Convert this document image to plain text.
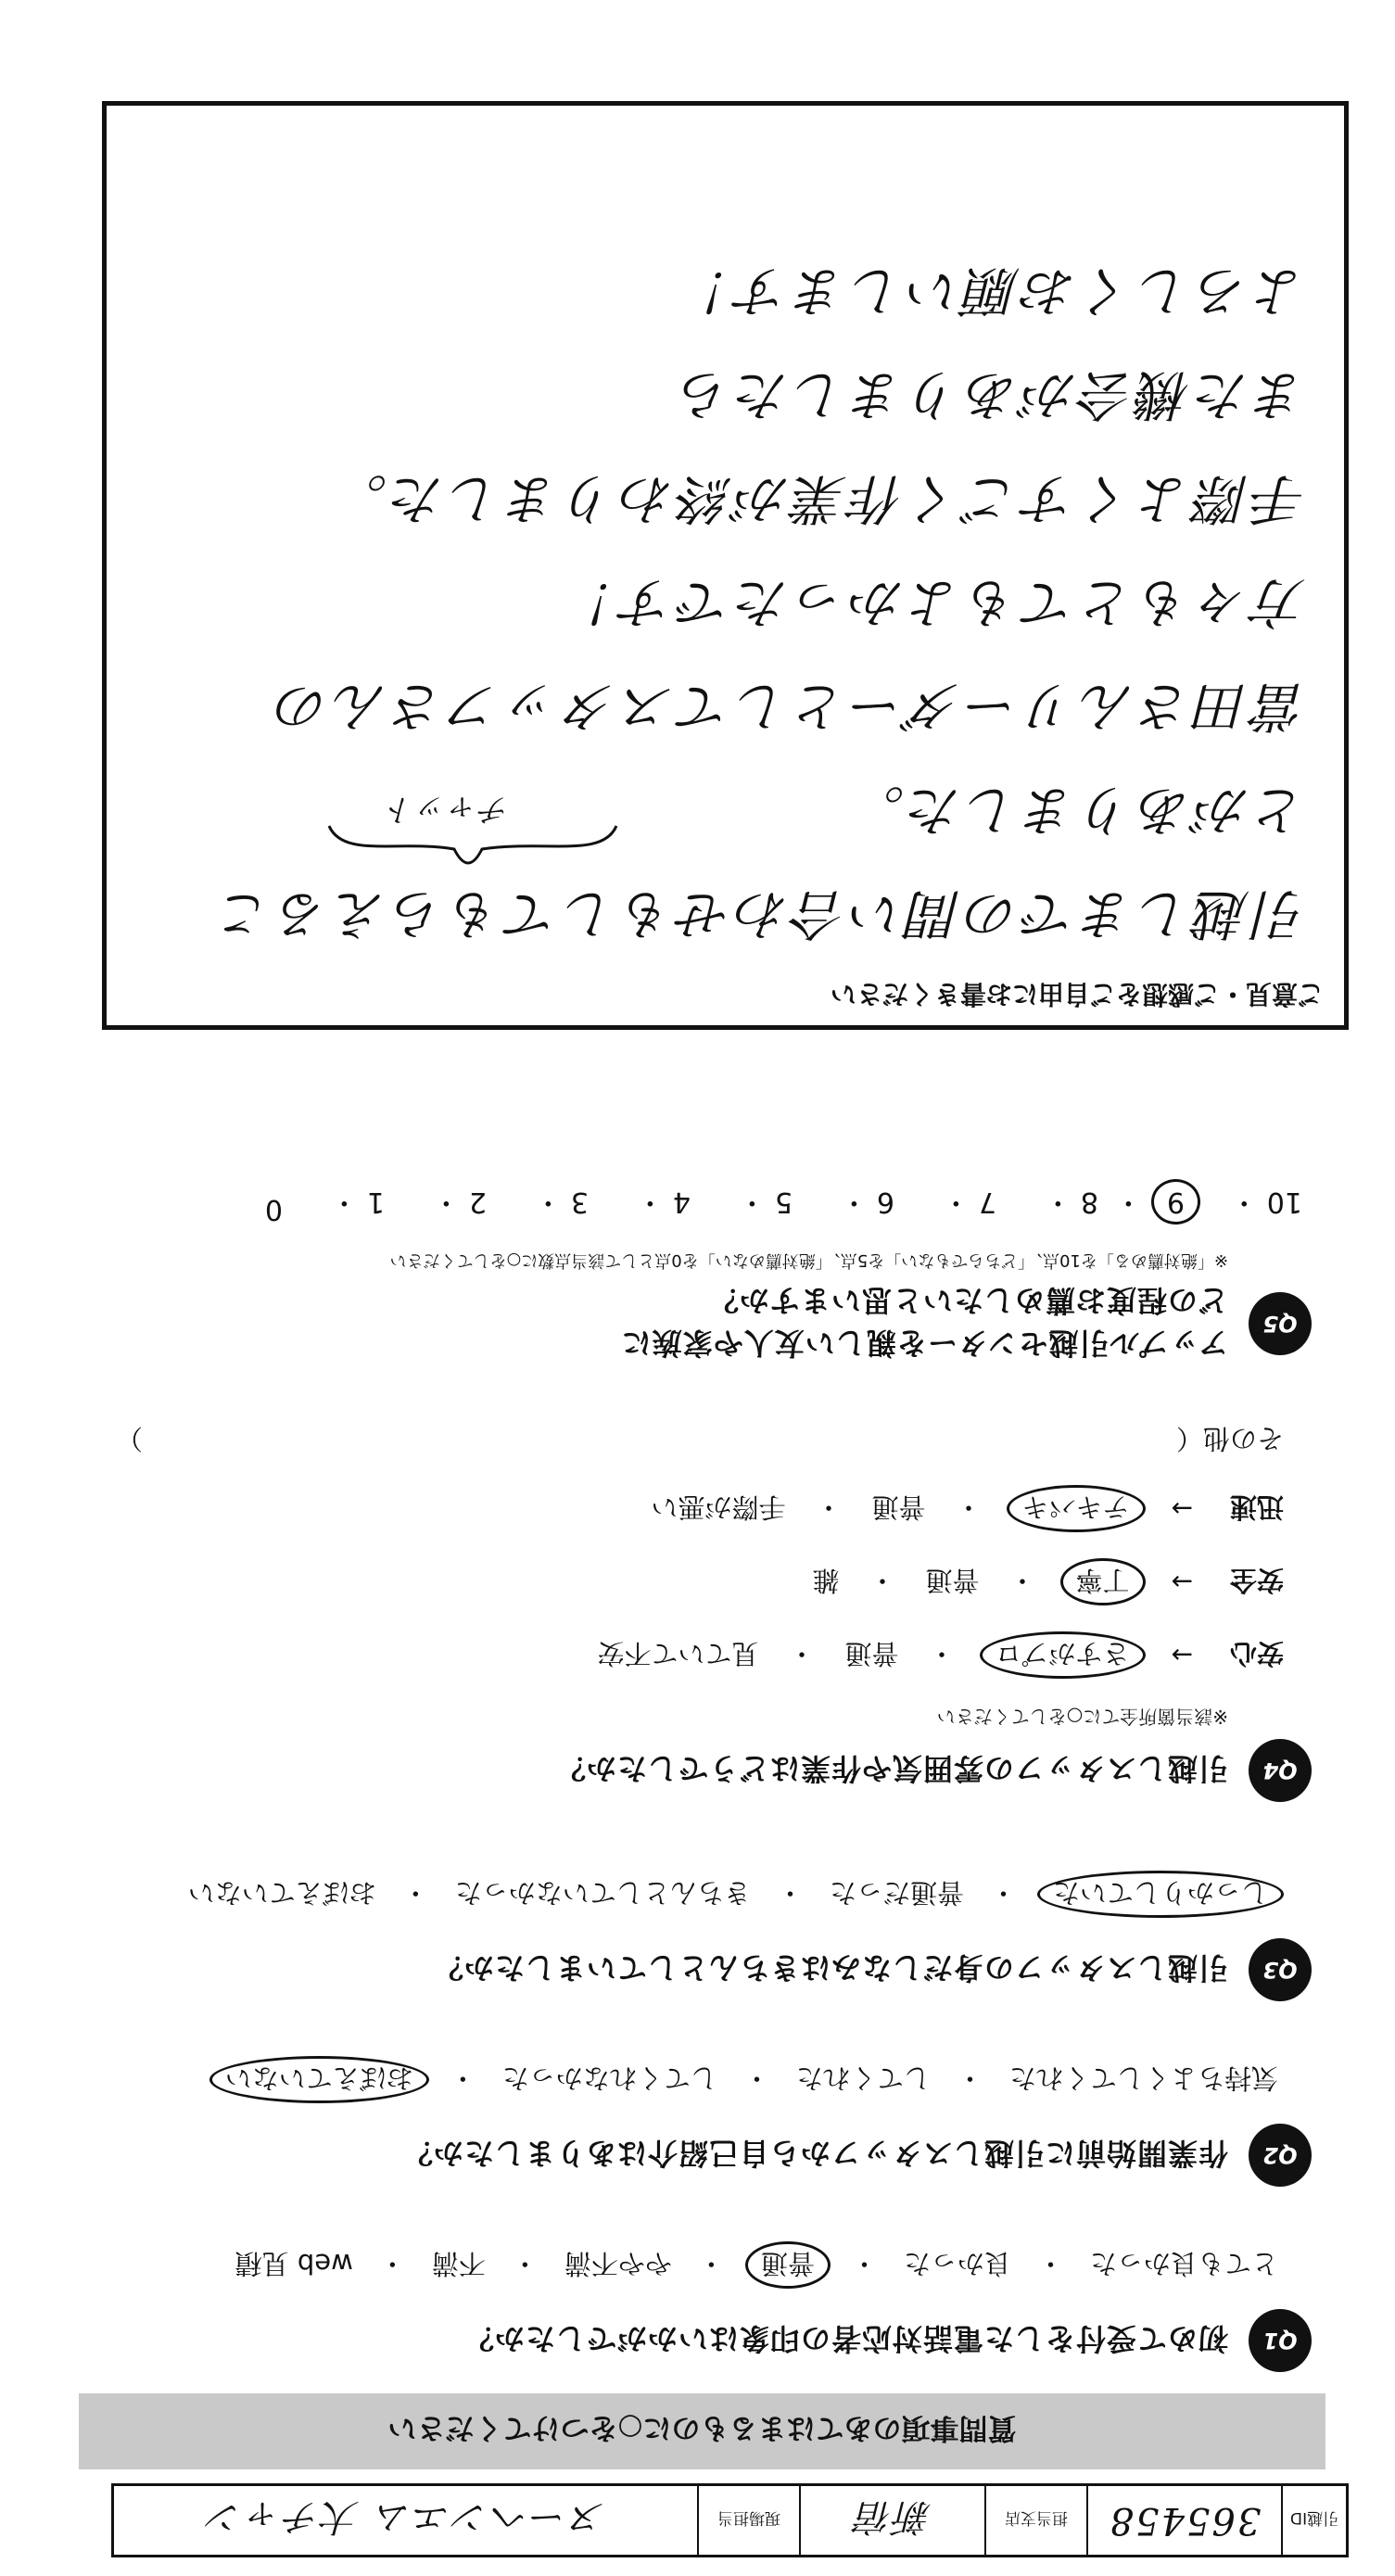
引越ID
365458
担当支店
新宿
現場担当
ヌーヘンエム 大チャン
ご意見・ご感想をご自由にお書きください
引越しまでの間い合わせもしてもらえるこ
とがありました。
當田さんリーダーとしてスタッフさんの
方々もとてもよかったです！
手際よくすごく作業が終わりました。
また機会がありましたら
よろしくお願いします！
チャット
質問事項のあてはまるものに○をつけてください
Q1
初めて受付をした電話対応者の印象はいかがでしたか？
とても良かった
・
良かった
・
普通
・
やや不満
・
不満
・
web 見積
Q2
作業開始前に引越しスタッフから自己紹介はありましたか？
気持ちよくしてくれた
・
してくれた
・
してくれなかった
・
おぼえていない
Q3
引越しスタッフの身だしなみはきちんとしていましたか？
しっかりしていた
・
普通だった
・
きちんとしていなかった
・
おぼえていない
Q4
引越しスタッフの雰囲気や作業はどうでしたか？
※該当箇所全てに○をしてください
安心
→
さすがプロ
・
普通
・
見ていて不安
安全
→
丁寧
・
普通
・
雑
迅速
→
テキパキ
・
普通
・
手際が悪い
その他（
）
Q5
アップル引越センターを親しい友人や家族に
どの程度お薦めしたいと思いますか？
※「絶対薦める」を10点、「どちらでもない」を5点、「絶対薦めない」を0点として該当点数に○をしてください
10 ・
9 ・
8 ・
7 ・
6 ・
5 ・
4 ・
3 ・
2 ・
1 ・
0
